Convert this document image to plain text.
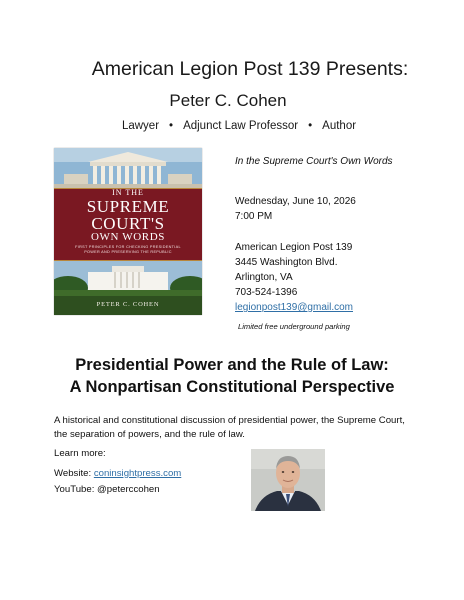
American Legion Post 139 Presents:
Peter C. Cohen
Lawyer • Adjunct Law Professor • Author
IN THE
SUPREME
COURT'S
OWN WORDS
FIRST PRINCIPLES FOR CHECKING PRESIDENTIAL POWER AND PRESERVING THE REPUBLIC
PETER C. COHEN
In the Supreme Court's Own Words
Wednesday, June 10, 2026
7:00 PM
American Legion Post 139
3445 Washington Blvd.
Arlington, VA
703-524-1396
legionpost139@gmail.com
Limited free underground parking
Presidential Power and the Rule of Law:
A Nonpartisan Constitutional Perspective
A historical and constitutional discussion of presidential power, the Supreme Court, the separation of powers, and the rule of law.
Learn more:
Website: coninsightpress.com
YouTube: @peterccohen
